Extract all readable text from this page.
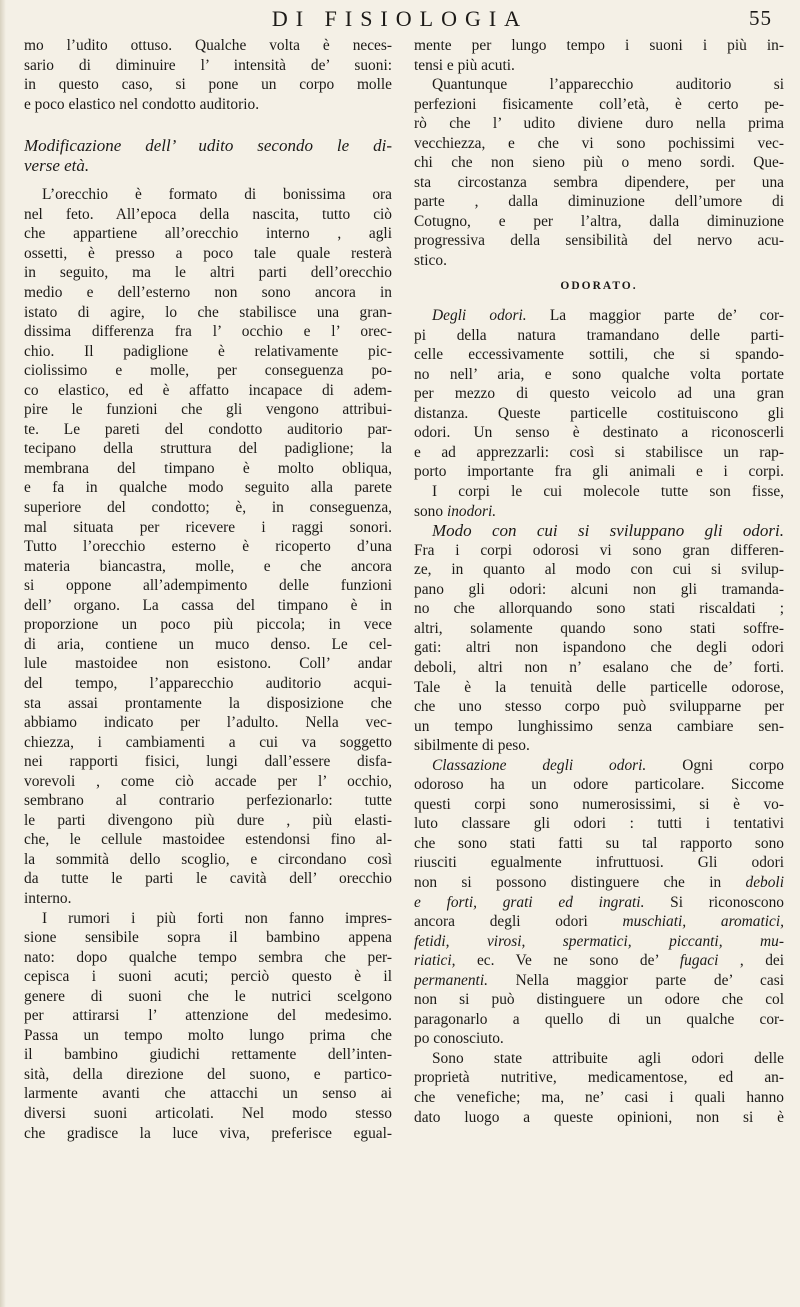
DI FISIOLOGIA	55
mo l’udito ottuso. Qualche volta è neces-
sario di diminuire l’ intensità de’ suoni:
in questo caso, si pone un corpo molle
e poco elastico nel condotto auditorio.
Modificazione dell’ udito secondo le di-
verse età.
L’orecchio è formato di bonissima ora
nel feto. All’epoca della nascita, tutto ciò
che appartiene all’orecchio interno , agli
ossetti, è presso a poco tale quale resterà
in seguito, ma le altri parti dell’orecchio
medio e dell’esterno non sono ancora in
istato di agire, lo che stabilisce una gran-
dissima differenza fra l’ occhio e l’ orec-
chio. Il padiglione è relativamente pic-
ciolissimo e molle, per conseguenza po-
co elastico, ed è affatto incapace di adem-
pire le funzioni che gli vengono attribui-
te. Le pareti del condotto auditorio par-
tecipano della struttura del padiglione; la
membrana del timpano è molto obliqua,
e fa in qualche modo seguito alla parete
superiore del condotto; è, in conseguenza,
mal situata per ricevere i raggi sonori.
Tutto l’orecchio esterno è ricoperto d’una
materia biancastra, molle, e che ancora
si oppone all’adempimento delle funzioni
dell’ organo. La cassa del timpano è in
proporzione un poco più piccola; in vece
di aria, contiene un muco denso. Le cel-
lule mastoidee non esistono. Coll’ andar
del tempo, l’apparecchio auditorio acqui-
sta assai prontamente la disposizione che
abbiamo indicato per l’adulto. Nella vec-
chiezza, i cambiamenti a cui va soggetto
nei rapporti fisici, lungi dall’essere disfa-
vorevoli , come ciò accade per l’ occhio,
sembrano al contrario perfezionarlo: tutte
le parti divengono più dure , più elasti-
che, le cellule mastoidee estendonsi fino al-
la sommità dello scoglio, e circondano così
da tutte le parti le cavità dell’ orecchio
interno.
I rumori i più forti non fanno impres-
sione sensibile sopra il bambino appena
nato: dopo qualche tempo sembra che per-
cepisca i suoni acuti; perciò questo è il
genere di suoni che le nutrici scelgono
per attirarsi l’ attenzione del medesimo.
Passa un tempo molto lungo prima che
il bambino giudichi rettamente dell’inten-
sità, della direzione del suono, e partico-
larmente avanti che attacchi un senso ai
diversi suoni articolati. Nel modo stesso
che gradisce la luce viva, preferisce egual-
mente per lungo tempo i suoni i più in-
tensi e più acuti.
Quantunque l’apparecchio auditorio si
perfezioni fisicamente coll’età, è certo pe-
rò che l’ udito diviene duro nella prima
vecchiezza, e che vi sono pochissimi vec-
chi che non sieno più o meno sordi. Que-
sta circostanza sembra dipendere, per una
parte , dalla diminuzione dell’umore di
Cotugno, e per l’altra, dalla diminuzione
progressiva della sensibilità del nervo acu-
stico.
ODORATO.
Degli odori. La maggior parte de’ cor-
pi della natura tramandano delle parti-
celle eccessivamente sottili, che si spando-
no nell’ aria, e sono qualche volta portate
per mezzo di questo veicolo ad una gran
distanza. Queste particelle costituiscono gli
odori. Un senso è destinato a riconoscerli
e ad apprezzarli: così si stabilisce un rap-
porto importante fra gli animali e i corpi.
I corpi le cui molecole tutte son fisse,
sono inodori.
Modo con cui si sviluppano gli odori.
Fra i corpi odorosi vi sono gran differen-
ze, in quanto al modo con cui si svilup-
pano gli odori: alcuni non gli tramanda-
no che allorquando sono stati riscaldati ;
altri, solamente quando sono stati soffre-
gati: altri non ispandono che degli odori
deboli, altri non n’ esalano che de’ forti.
Tale è la tenuità delle particelle odorose,
che uno stesso corpo può svilupparne per
un tempo lunghissimo senza cambiare sen-
sibilmente di peso.
Classazione degli odori. Ogni corpo
odoroso ha un odore particolare. Siccome
questi corpi sono numerosissimi, si è vo-
luto classare gli odori : tutti i tentativi
che sono stati fatti su tal rapporto sono
riusciti egualmente infruttuosi. Gli odori
non si possono distinguere che in deboli
e forti, grati ed ingrati. Si riconoscono
ancora degli odori muschiati, aromatici,
fetidi, virosi, spermatici, piccanti, mu-
riatici, ec. Ve ne sono de’ fugaci , dei
permanenti. Nella maggior parte de’ casi
non si può distinguere un odore che col
paragonarlo a quello di un qualche cor-
po conosciuto.
Sono state attribuite agli odori delle
proprietà nutritive, medicamentose, ed an-
che venefiche; ma, ne’ casi i quali hanno
dato luogo a queste opinioni, non si è
